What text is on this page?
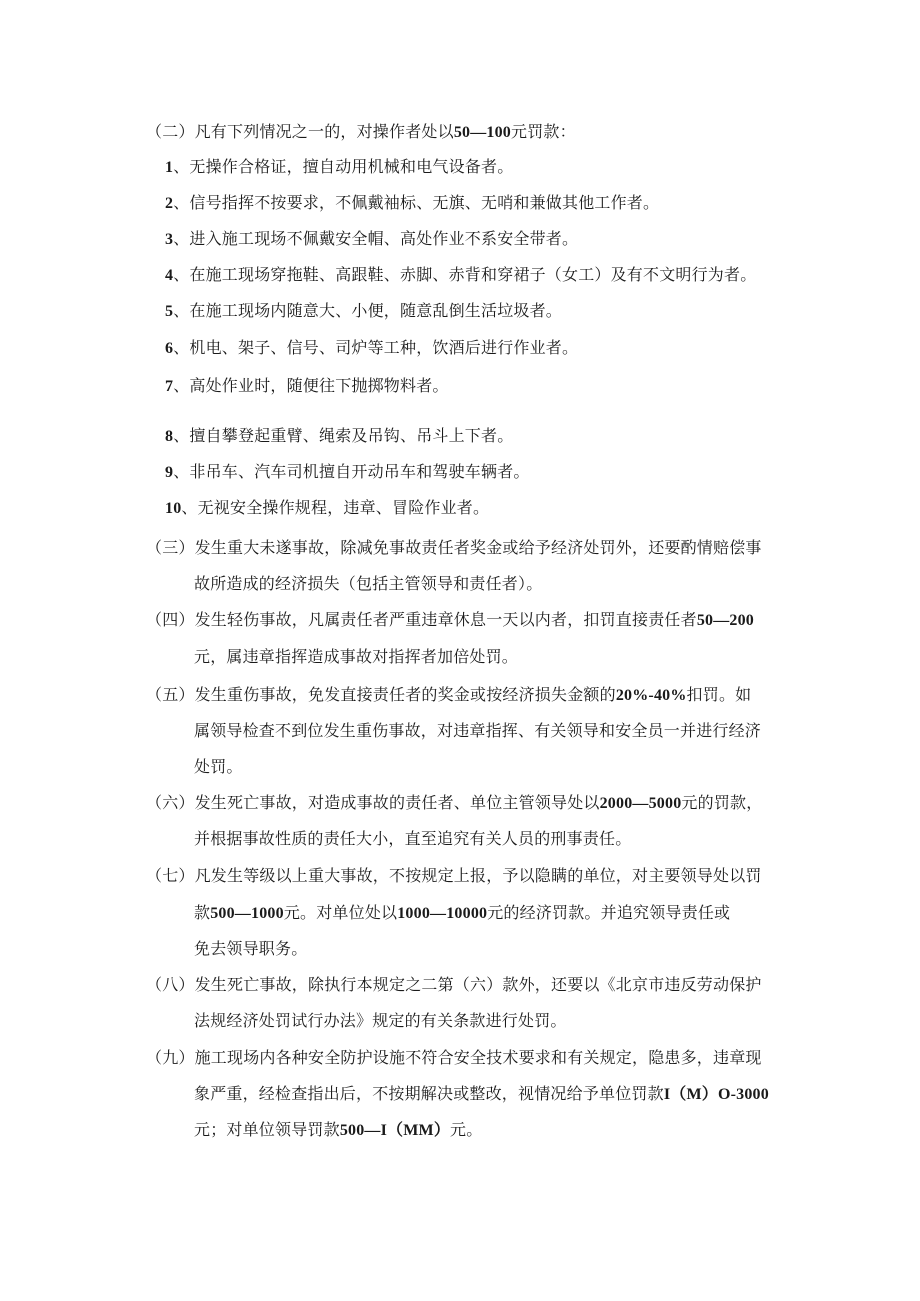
（二）凡有下列情况之一的，对操作者处以50—100元罚款：
1、无操作合格证，擅自动用机械和电气设备者。
2、信号指挥不按要求，不佩戴袖标、无旗、无哨和兼做其他工作者。
3、进入施工现场不佩戴安全帽、高处作业不系安全带者。
4、在施工现场穿拖鞋、高跟鞋、赤脚、赤背和穿裙子（女工）及有不文明行为者。
5、在施工现场内随意大、小便，随意乱倒生活垃圾者。
6、机电、架子、信号、司炉等工种，饮酒后进行作业者。
7、高处作业时，随便往下抛掷物料者。
8、擅自攀登起重臂、绳索及吊钩、吊斗上下者。
9、非吊车、汽车司机擅自开动吊车和驾驶车辆者。
10、无视安全操作规程，违章、冒险作业者。
（三）发生重大未遂事故，除减免事故责任者奖金或给予经济处罚外，还要酌情赔偿事
故所造成的经济损失（包括主管领导和责任者）。
（四）发生轻伤事故，凡属责任者严重违章休息一天以内者，扣罚直接责任者50—200
元，属违章指挥造成事故对指挥者加倍处罚。
（五）发生重伤事故，免发直接责任者的奖金或按经济损失金额的20%-40%扣罚。如
属领导检查不到位发生重伤事故，对违章指挥、有关领导和安全员一并进行经济
处罚。
（六）发生死亡事故，对造成事故的责任者、单位主管领导处以2000—5000元的罚款，
并根据事故性质的责任大小，直至追究有关人员的刑事责任。
（七）凡发生等级以上重大事故，不按规定上报，予以隐瞒的单位，对主要领导处以罚
款500—1000元。对单位处以1000—10000元的经济罚款。并追究领导责任或
免去领导职务。
（八）发生死亡事故，除执行本规定之二第（六）款外，还要以《北京市违反劳动保护
法规经济处罚试行办法》规定的有关条款进行处罚。
（九）施工现场内各种安全防护设施不符合安全技术要求和有关规定，隐患多，违章现
象严重，经检查指出后，不按期解决或整改，视情况给予单位罚款I（M）O-3000
元；对单位领导罚款500—I（MM）元。
